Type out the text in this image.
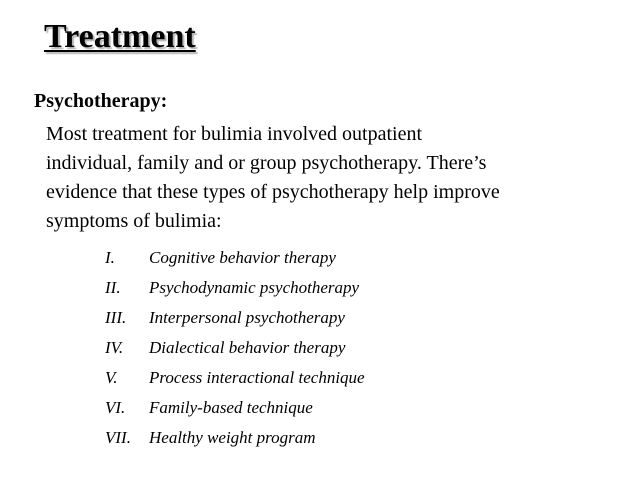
Treatment
Psychotherapy:

Most treatment for bulimia involved outpatient
individual, family and or group psychotherapy. There’s
evidence that these types of psychotherapy help improve
symptoms of bulimia:

I.	Cognitive behavior therapy
II.	Psychodynamic psychotherapy
III.	Interpersonal psychotherapy
IV.	Dialectical behavior therapy
V.	Process interactional technique
VI.	Family-based technique
VII.	Healthy weight program
